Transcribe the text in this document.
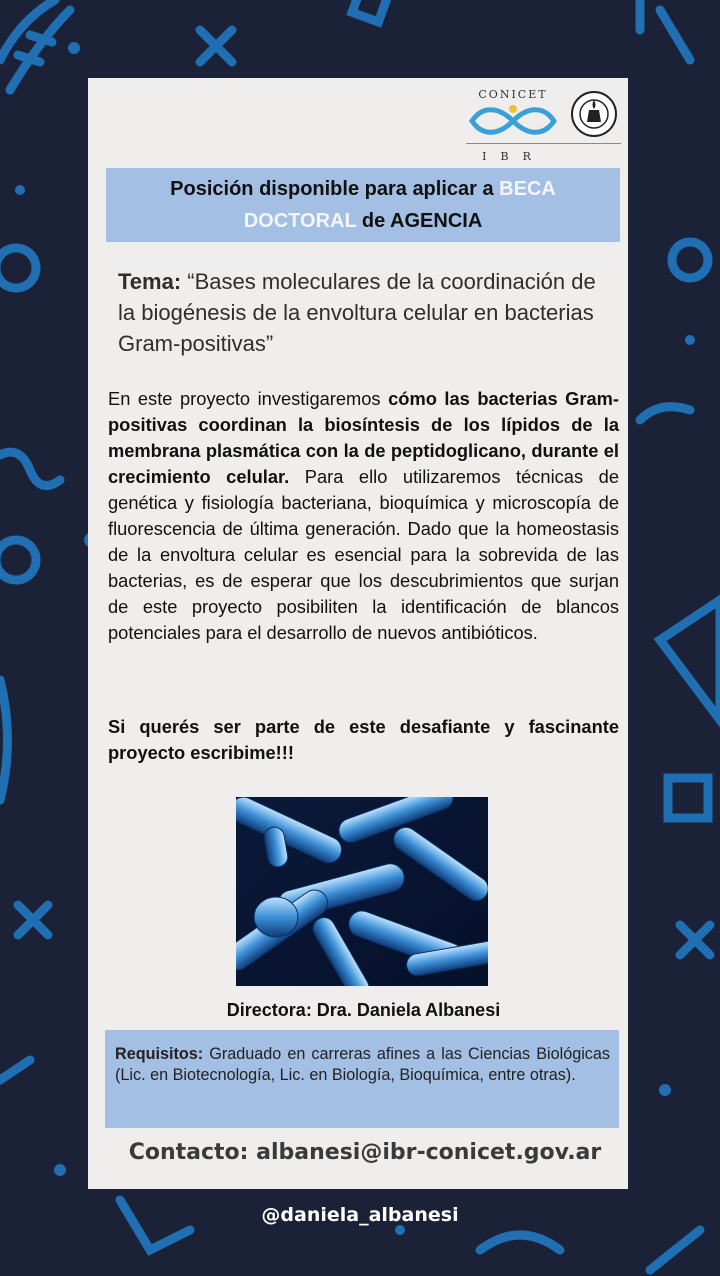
CONICET
IBR
Posición disponible para aplicar a BECA
DOCTORAL de AGENCIA
Tema: “Bases moleculares de la coordinación de la biogénesis de la envoltura celular en bacterias Gram-positivas”
En este proyecto investigaremos cómo las bacterias Gram-positivas coordinan la biosíntesis de los lípidos de la membrana plasmática con la de peptidoglicano, durante el crecimiento celular. Para ello utilizaremos técnicas de genética y fisiología bacteriana, bioquímica y microscopía de fluorescencia de última generación. Dado que la homeostasis de la envoltura celular es esencial para la sobrevida de las bacterias, es de esperar que los descubrimientos que surjan de este proyecto posibiliten la identificación de blancos potenciales para el desarrollo de nuevos antibióticos.
Si querés ser parte de este desafiante y fascinante proyecto escribime!!!
Directora: Dra. Daniela Albanesi
Requisitos: Graduado en carreras afines a las Ciencias Biológicas (Lic. en Biotecnología, Lic. en Biología, Bioquímica, entre otras).
Contacto: albanesi@ibr-conicet.gov.ar
@daniela_albanesi
